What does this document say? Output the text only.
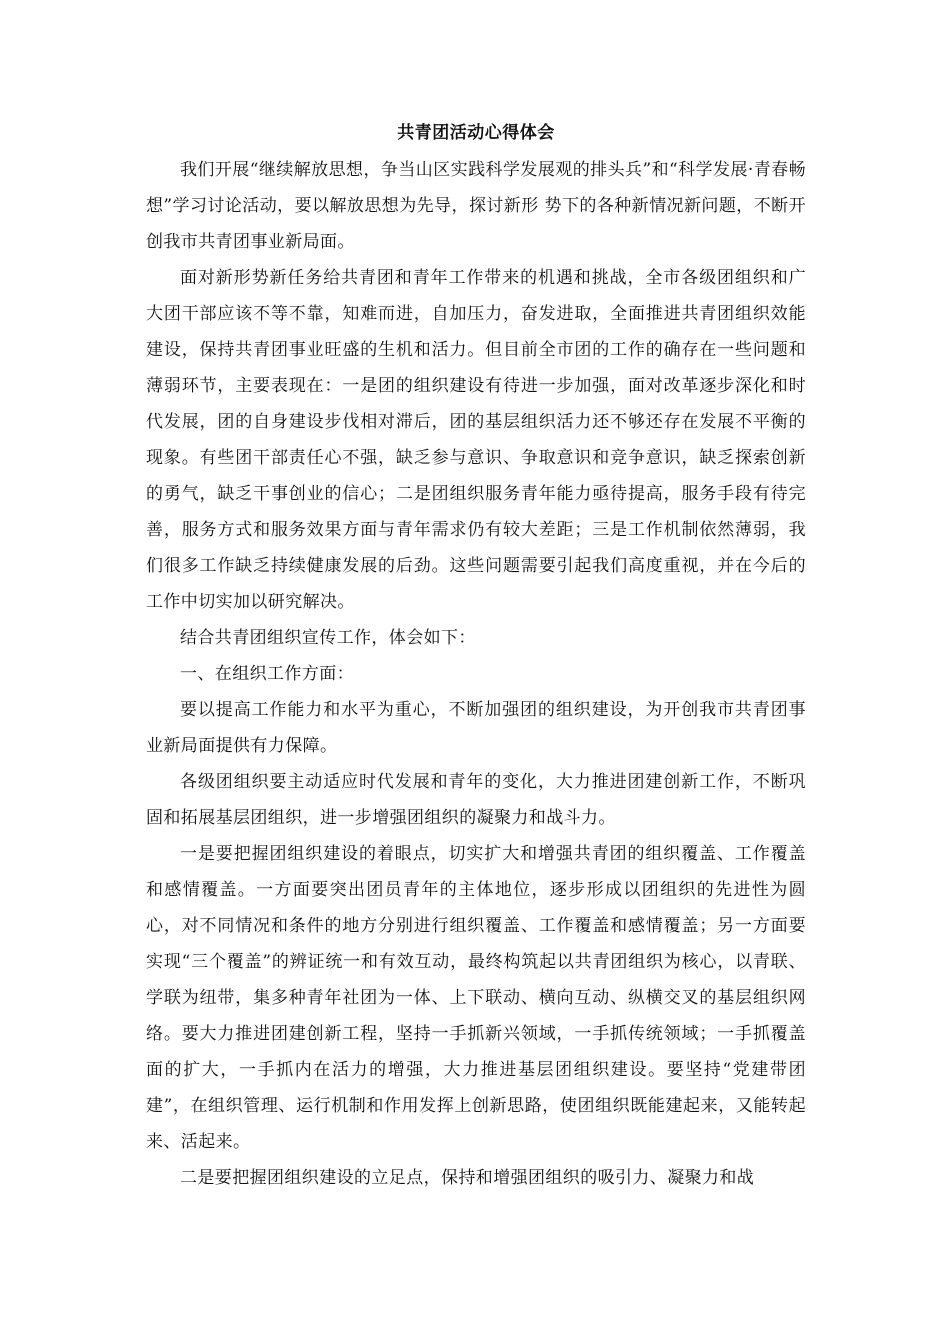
共青团活动心得体会

我们开展“继续解放思想，争当山区实践科学发展观的排头兵”和“科学发展·青春畅想”学习讨论活动，要以解放思想为先导，探讨新形 势下的各种新情况新问题，不断开创我市共青团事业新局面。

面对新形势新任务给共青团和青年工作带来的机遇和挑战，全市各级团组织和广大团干部应该不等不靠，知难而进，自加压力，奋发进取，全面推进共青团组织效能建设，保持共青团事业旺盛的生机和活力。但目前全市团的工作的确存在一些问题和薄弱环节，主要表现在：一是团的组织建设有待进一步加强，面对改革逐步深化和时代发展，团的自身建设步伐相对滞后，团的基层组织活力还不够还存在发展不平衡的现象。有些团干部责任心不强，缺乏参与意识、争取意识和竞争意识，缺乏探索创新的勇气，缺乏干事创业的信心；二是团组织服务青年能力亟待提高，服务手段有待完善，服务方式和服务效果方面与青年需求仍有较大差距；三是工作机制依然薄弱，我们很多工作缺乏持续健康发展的后劲。这些问题需要引起我们高度重视，并在今后的工作中切实加以研究解决。

结合共青团组织宣传工作，体会如下：

一、在组织工作方面：

要以提高工作能力和水平为重心，不断加强团的组织建设，为开创我市共青团事业新局面提供有力保障。

各级团组织要主动适应时代发展和青年的变化，大力推进团建创新工作，不断巩固和拓展基层团组织，进一步增强团组织的凝聚力和战斗力。

一是要把握团组织建设的着眼点，切实扩大和增强共青团的组织覆盖、工作覆盖和感情覆盖。一方面要突出团员青年的主体地位，逐步形成以团组织的先进性为圆心，对不同情况和条件的地方分别进行组织覆盖、工作覆盖和感情覆盖；另一方面要实现“三个覆盖”的辨证统一和有效互动，最终构筑起以共青团组织为核心，以青联、学联为纽带，集多种青年社团为一体、上下联动、横向互动、纵横交叉的基层组织网络。要大力推进团建创新工程，坚持一手抓新兴领域，一手抓传统领域；一手抓覆盖面的扩大，一手抓内在活力的增强，大力推进基层团组织建设。要坚持“党建带团建”，在组织管理、运行机制和作用发挥上创新思路，使团组织既能建起来，又能转起来、活起来。

二是要把握团组织建设的立足点，保持和增强团组织的吸引力、凝聚力和战
